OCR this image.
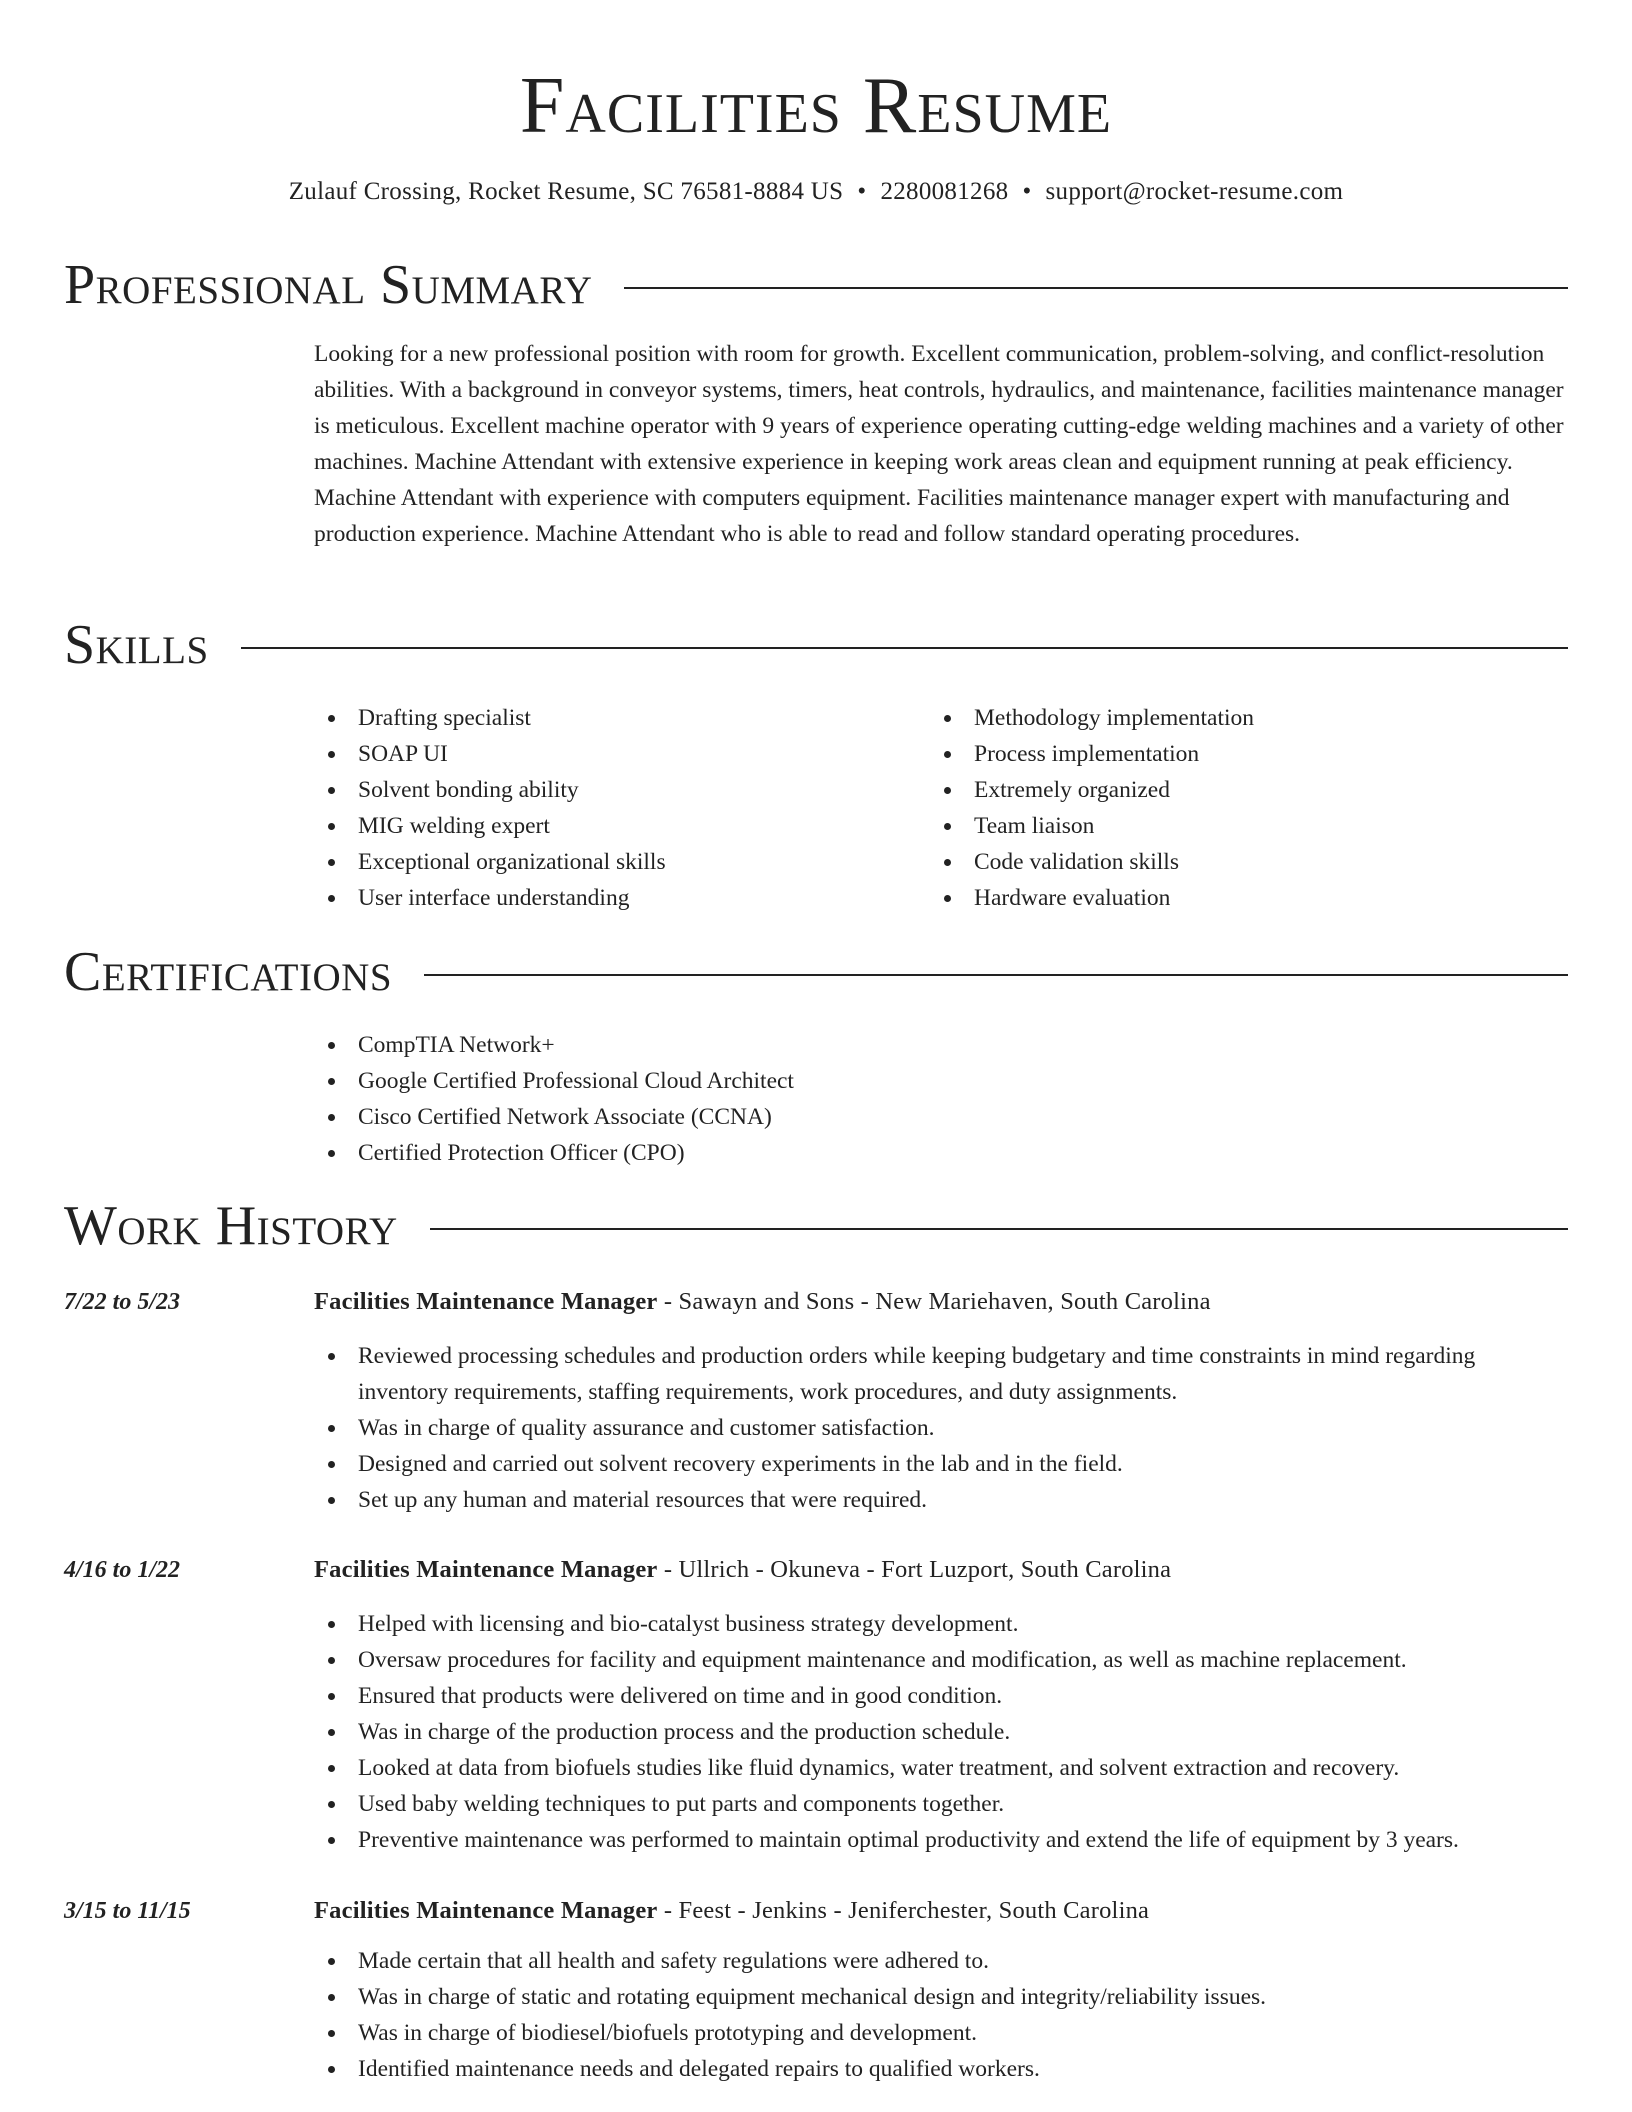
Facilities Resume
Zulauf Crossing, Rocket Resume, SC 76581-8884 US • 2280081268 • support@rocket-resume.com
Professional Summary

Looking for a new professional position with room for growth. Excellent communication, problem-solving, and conflict-resolution abilities. With a background in conveyor systems, timers, heat controls, hydraulics, and maintenance, facilities maintenance manager is meticulous. Excellent machine operator with 9 years of experience operating cutting-edge welding machines and a variety of other machines. Machine Attendant with extensive experience in keeping work areas clean and equipment running at peak efficiency. Machine Attendant with experience with computers equipment. Facilities maintenance manager expert with manufacturing and production experience. Machine Attendant who is able to read and follow standard operating procedures.

Skills
Drafting specialist
SOAP UI
Solvent bonding ability
MIG welding expert
Exceptional organizational skills
User interface understanding
Methodology implementation
Process implementation
Extremely organized
Team liaison
Code validation skills
Hardware evaluation
Certifications
CompTIA Network+
Google Certified Professional Cloud Architect
Cisco Certified Network Associate (CCNA)
Certified Protection Officer (CPO)
Work History
7/22 to 5/23	Facilities Maintenance Manager - Sawayn and Sons - New Mariehaven, South Carolina
Reviewed processing schedules and production orders while keeping budgetary and time constraints in mind regarding inventory requirements, staffing requirements, work procedures, and duty assignments.
Was in charge of quality assurance and customer satisfaction.
Designed and carried out solvent recovery experiments in the lab and in the field.
Set up any human and material resources that were required.
4/16 to 1/22	Facilities Maintenance Manager - Ullrich - Okuneva - Fort Luzport, South Carolina
Helped with licensing and bio-catalyst business strategy development.
Oversaw procedures for facility and equipment maintenance and modification, as well as machine replacement.
Ensured that products were delivered on time and in good condition.
Was in charge of the production process and the production schedule.
Looked at data from biofuels studies like fluid dynamics, water treatment, and solvent extraction and recovery.
Used baby welding techniques to put parts and components together.
Preventive maintenance was performed to maintain optimal productivity and extend the life of equipment by 3 years.
3/15 to 11/15	Facilities Maintenance Manager - Feest - Jenkins - Jeniferchester, South Carolina
Made certain that all health and safety regulations were adhered to.
Was in charge of static and rotating equipment mechanical design and integrity/reliability issues.
Was in charge of biodiesel/biofuels prototyping and development.
Identified maintenance needs and delegated repairs to qualified workers.
